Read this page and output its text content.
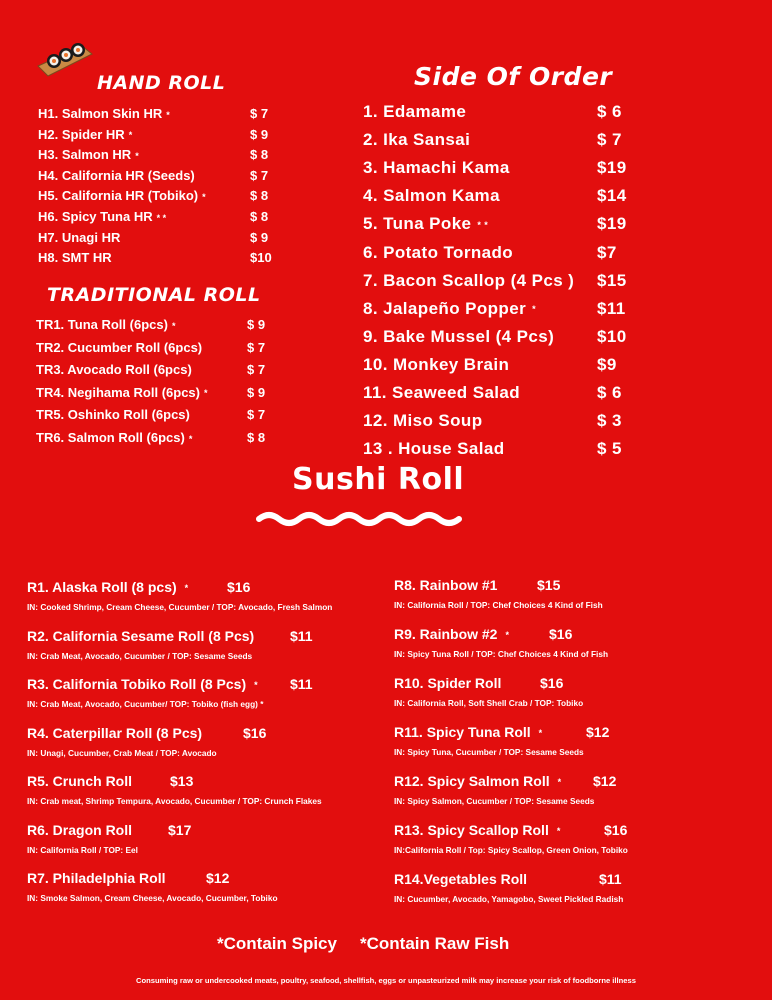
HAND ROLL
TRADITIONAL ROLL
Side Of Order
H1. Salmon Skin HR *	$ 7
H2. Spider HR *	$ 9
H3. Salmon HR *	$ 8
H4. California HR (Seeds)	$ 7
H5. California HR (Tobiko) *	$ 8
H6. Spicy Tuna HR * *	$ 8
H7. Unagi HR	$ 9
H8. SMT HR	$10
TR1. Tuna Roll (6pcs) *	$ 9
TR2. Cucumber Roll (6pcs)	$ 7
TR3. Avocado Roll (6pcs)	$ 7
TR4. Negihama Roll (6pcs) *	$ 9
TR5. Oshinko Roll (6pcs)	$ 7
TR6. Salmon Roll (6pcs) *	$ 8
1. Edamame	$ 6
2. Ika Sansai	$ 7
3. Hamachi Kama	$19
4. Salmon Kama	$14
5. Tuna Poke * *	$19
6. Potato Tornado	$7
7. Bacon Scallop (4 Pcs ) $15
8. Jalapeño Popper *	$11
9. Bake Mussel (4 Pcs)	$10
10. Monkey Brain	$9
11. Seaweed Salad	$ 6
12. Miso Soup	$ 3
13 . House Salad	$ 5
Sushi Roll
R1. Alaska Roll (8 pcs) *	$16
IN: Cooked Shrimp, Cream Cheese, Cucumber / TOP: Avocado, Fresh Salmon
R2. California Sesame Roll (8 Pcs)	$11
IN: Crab Meat, Avocado, Cucumber / TOP: Sesame Seeds
R3. California Tobiko Roll (8 Pcs) * $11
IN: Crab Meat, Avocado, Cucumber/ TOP: Tobiko (fish egg) *
R4. Caterpillar Roll (8 Pcs)	$16
IN: Unagi, Cucumber, Crab Meat / TOP: Avocado
R5. Crunch Roll	$13
IN: Crab meat, Shrimp Tempura, Avocado, Cucumber / TOP: Crunch Flakes
R6. Dragon Roll	$17
IN: California Roll / TOP: Eel
R7. Philadelphia Roll	$12
IN: Smoke Salmon, Cream Cheese, Avocado, Cucumber, Tobiko
R8. Rainbow #1	$15
IN: California Roll / TOP: Chef Choices 4 Kind of Fish
R9. Rainbow #2 *	$16
IN: Spicy Tuna Roll / TOP: Chef Choices 4 Kind of Fish
R10. Spider Roll	$16
IN: California Roll, Soft Shell Crab / TOP: Tobiko
R11. Spicy Tuna Roll *	$12
IN: Spicy Tuna, Cucumber / TOP: Sesame Seeds
R12. Spicy Salmon Roll * $12
IN: Spicy Salmon, Cucumber / TOP: Sesame Seeds
R13. Spicy Scallop Roll *	$16
IN:California Roll / Top: Spicy Scallop, Green Onion, Tobiko
R14.Vegetables Roll	$11
IN: Cucumber, Avocado, Yamagobo, Sweet Pickled Radish
*Contain Spicy *Contain Raw Fish
Consuming raw or undercooked meats, poultry, seafood, shellfish, eggs or unpasteurized milk may increase your risk of foodborne illness
